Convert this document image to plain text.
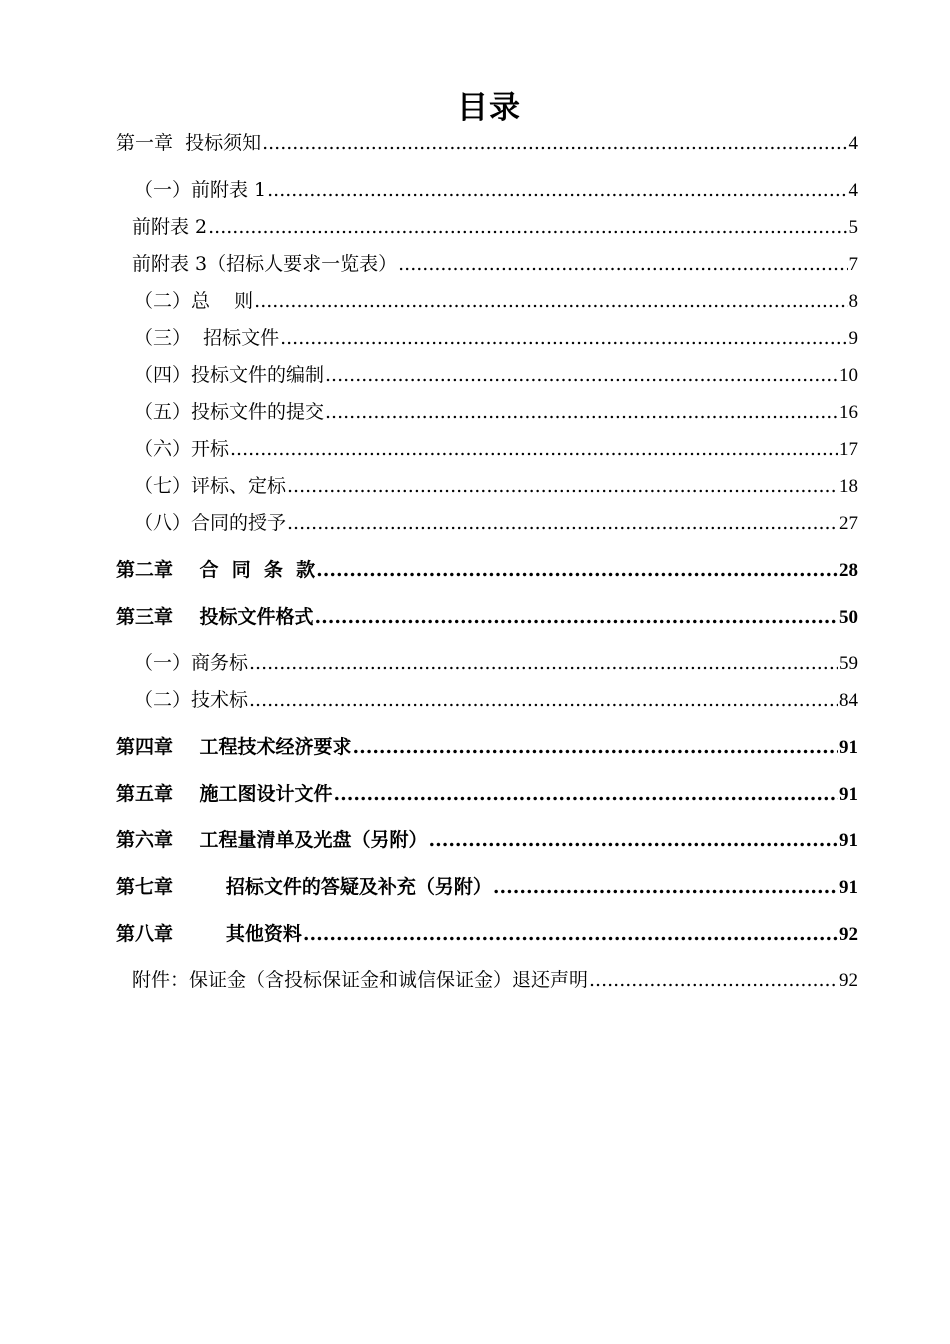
目录
第一章  投标须知 .....	4
（一）前附表 1 .....	4
前附表 2 .....	5
前附表 3（招标人要求一览表） .....	7
（二）总    则 .....	8
（三）  招标文件 .....	9
（四）投标文件的编制 .....	10
（五）投标文件的提交 .....	16
（六）开标 .....	17
（七）评标、定标 .....	18
（八）合同的授予 .....	27
第二章    合  同  条  款 .....	28
第三章    投标文件格式 .....	50
（一）商务标 .....	59
（二）技术标 .....	84
第四章    工程技术经济要求 .....	91
第五章    施工图设计文件 .....	91
第六章    工程量清单及光盘（另附） .....	91
第七章        招标文件的答疑及补充（另附） .....	91
第八章        其他资料 .....	92
附件：保证金（含投标保证金和诚信保证金）退还声明 .....	92
